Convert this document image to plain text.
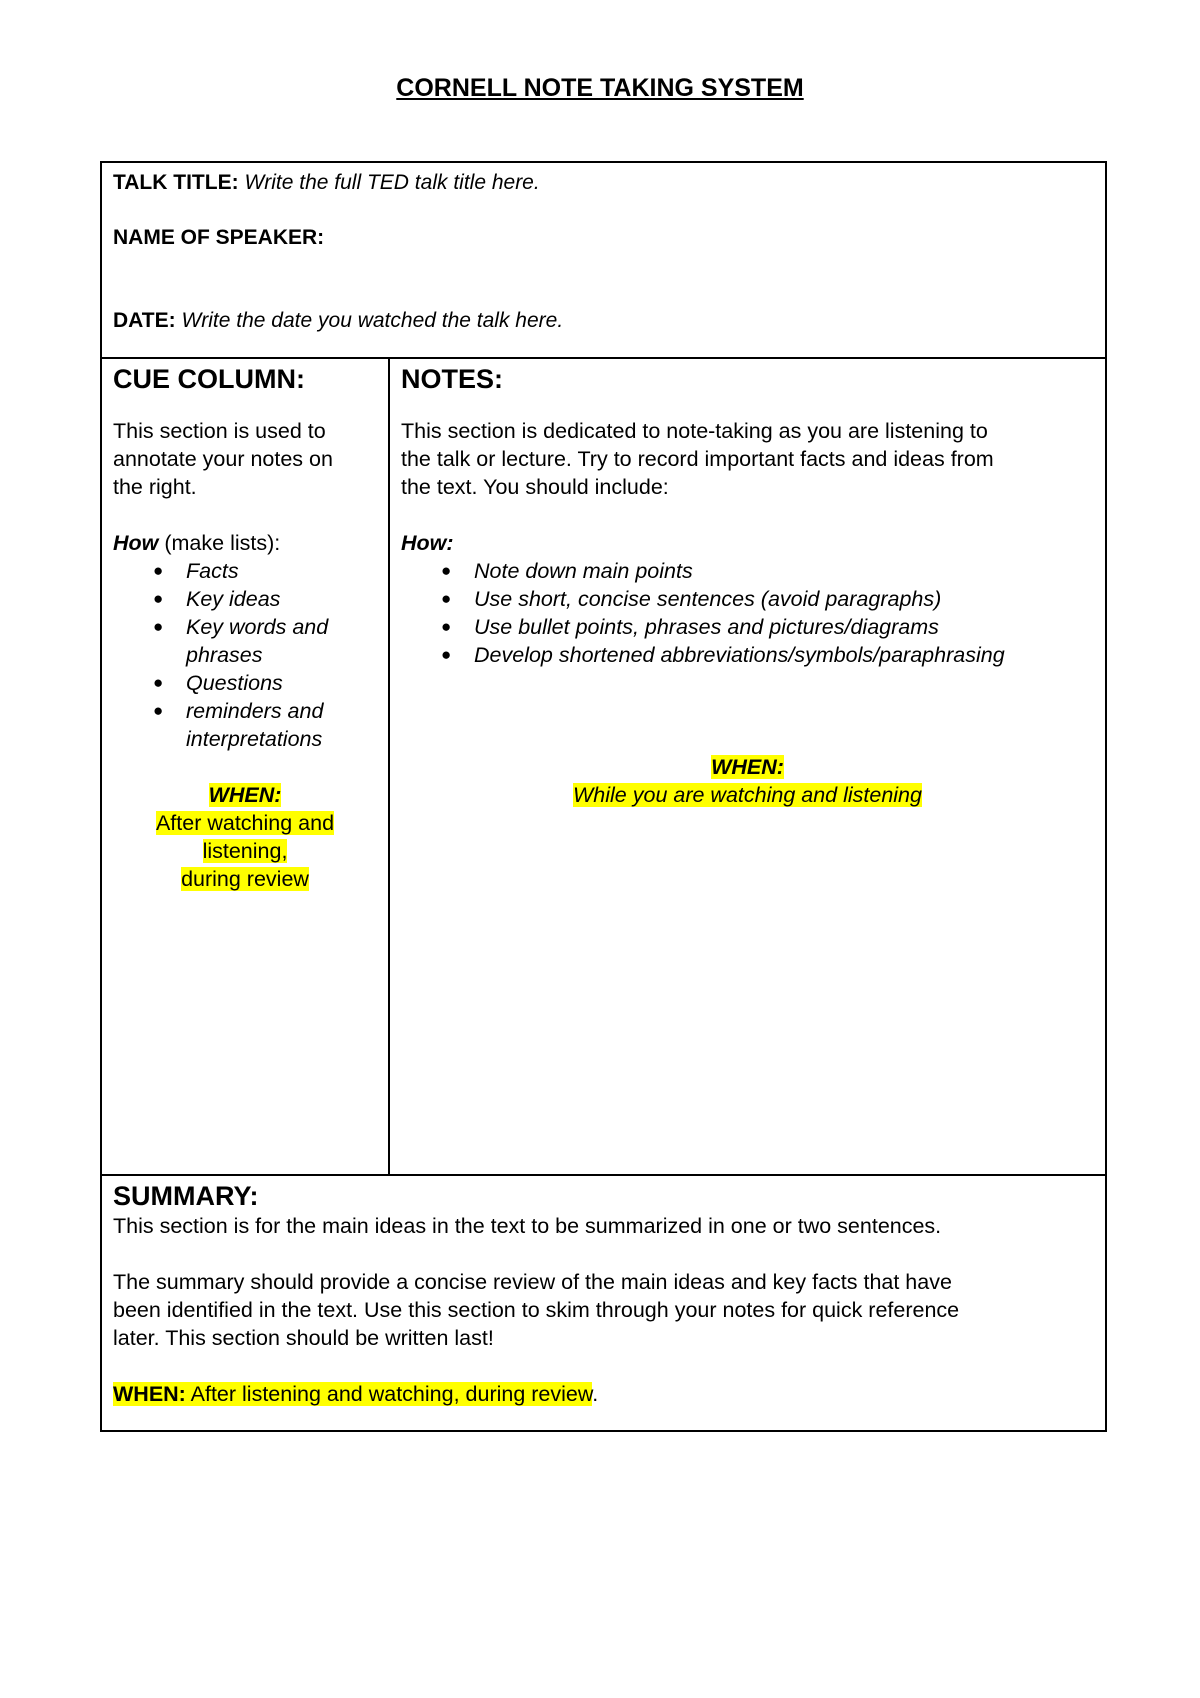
CORNELL NOTE TAKING SYSTEM

TALK TITLE: Write the full TED talk title here.

NAME OF SPEAKER:

DATE: Write the date you watched the talk here.

CUE COLUMN:

This section is used to

annotate your notes on

the right.

How (make lists):

● Facts
● Key ideas
● Key words and
phrases
● Questions
● reminders and
interpretations

WHEN:

After watching and

listening,

during review

NOTES:

This section is dedicated to note-taking as you are listening to

the talk or lecture. Try to record important facts and ideas from

the text. You should include:

How:

● Note down main points
● Use short, concise sentences (avoid paragraphs)
● Use bullet points, phrases and pictures/diagrams
● Develop shortened abbreviations/symbols/paraphrasing

WHEN:

While you are watching and listening

SUMMARY:

This section is for the main ideas in the text to be summarized in one or two sentences.

The summary should provide a concise review of the main ideas and key facts that have

been identified in the text. Use this section to skim through your notes for quick reference

later. This section should be written last!

WHEN: After listening and watching, during review.
